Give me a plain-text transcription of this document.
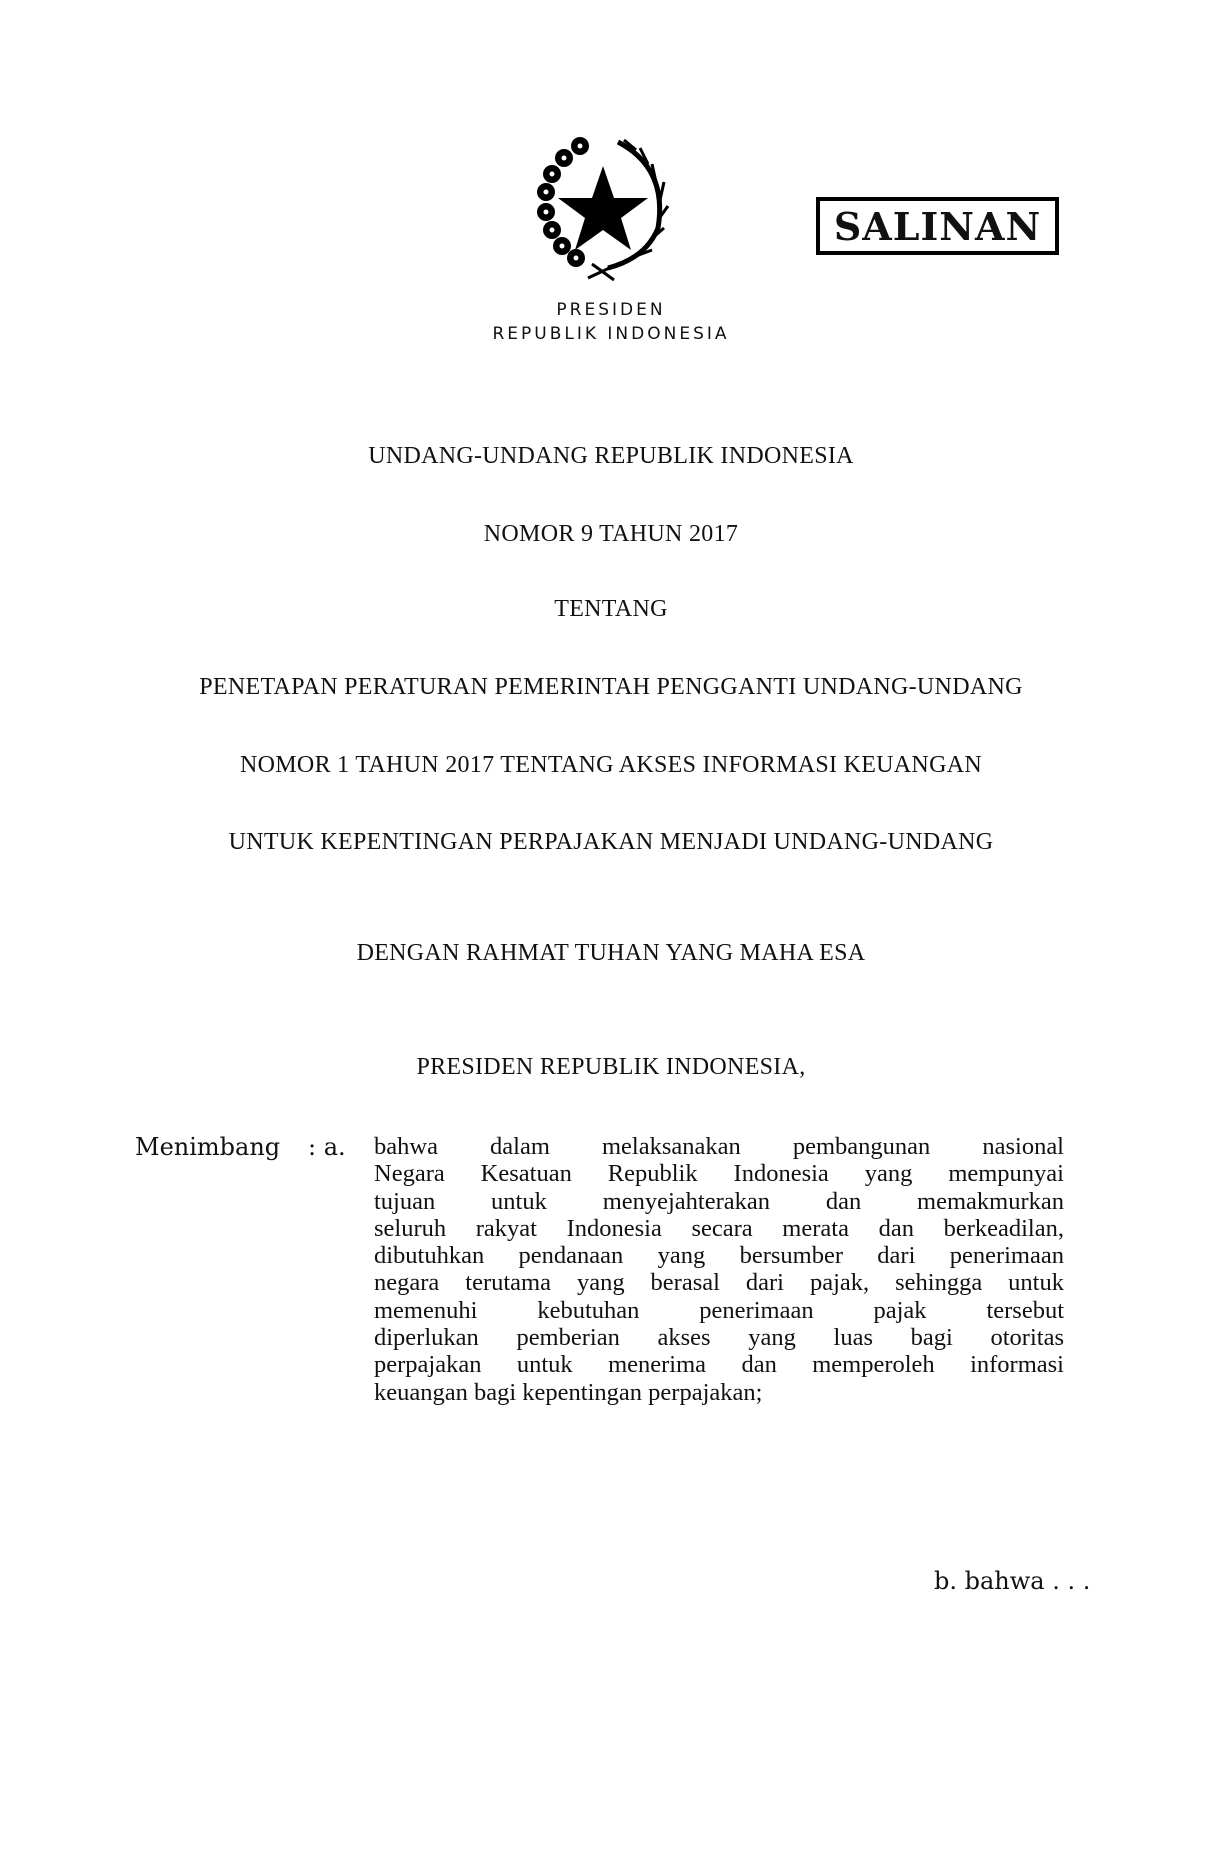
SALINAN
PRESIDEN
REPUBLIK INDONESIA
UNDANG-UNDANG REPUBLIK INDONESIA
NOMOR 9 TAHUN 2017
TENTANG
PENETAPAN PERATURAN PEMERINTAH PENGGANTI UNDANG-UNDANG
NOMOR 1 TAHUN 2017 TENTANG AKSES INFORMASI KEUANGAN
UNTUK KEPENTINGAN PERPAJAKAN MENJADI UNDANG-UNDANG
DENGAN RAHMAT TUHAN YANG MAHA ESA
PRESIDEN REPUBLIK INDONESIA,
Menimbang : a. bahwa dalam melaksanakan pembangunan nasional
Negara Kesatuan Republik Indonesia yang mempunyai
tujuan untuk menyejahterakan dan memakmurkan
seluruh rakyat Indonesia secara merata dan berkeadilan,
dibutuhkan pendanaan yang bersumber dari penerimaan
negara terutama yang berasal dari pajak, sehingga untuk
memenuhi kebutuhan penerimaan pajak tersebut
diperlukan pemberian akses yang luas bagi otoritas
perpajakan untuk menerima dan memperoleh informasi
keuangan bagi kepentingan perpajakan;
b. bahwa . . .
